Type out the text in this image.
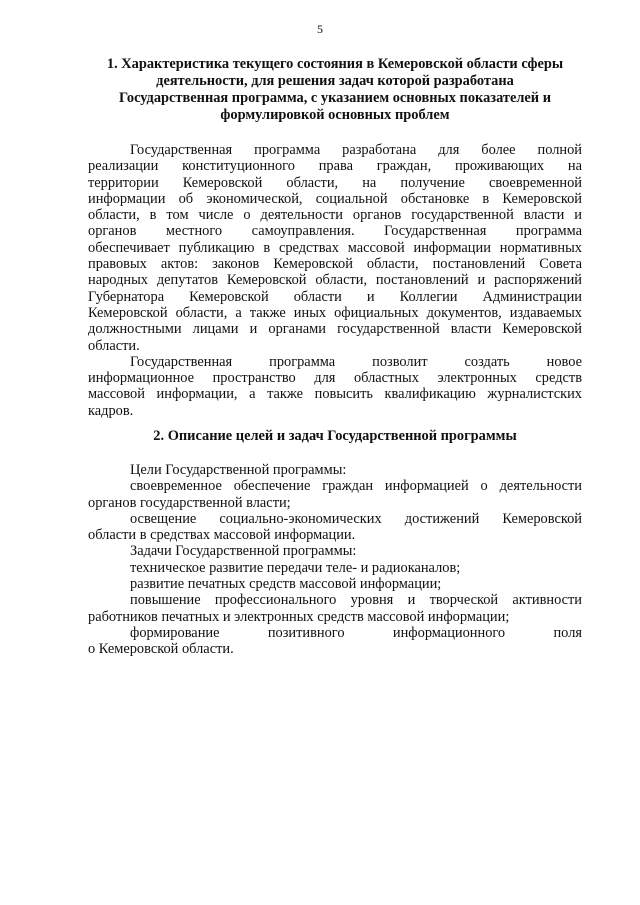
5
1. Характеристика текущего состояния в Кемеровской области сферы
деятельности, для решения задач которой разработана
Государственная программа, с указанием основных показателей и
формулировкой основных проблем
Государственная программа разработана для более полной
реализации конституционного права граждан, проживающих на
территории Кемеровской области, на получение своевременной
информации об экономической, социальной обстановке в Кемеровской
области, в том числе о деятельности органов государственной власти и
органов местного самоуправления. Государственная программа
обеспечивает публикацию в средствах массовой информации нормативных
правовых актов: законов Кемеровской области, постановлений Совета
народных депутатов Кемеровской области, постановлений и распоряжений
Губернатора Кемеровской области и Коллегии Администрации
Кемеровской области, а также иных официальных документов, издаваемых
должностными лицами и органами государственной власти Кемеровской
области.
Государственная программа позволит создать новое
информационное пространство для областных электронных средств
массовой информации, а также повысить квалификацию журналистских
кадров.
2. Описание целей и задач Государственной программы
Цели Государственной программы:
своевременное обеспечение граждан информацией о деятельности
органов государственной власти;
освещение социально-экономических достижений Кемеровской
области в средствах массовой информации.
Задачи Государственной программы:
техническое развитие передачи теле- и радиоканалов;
развитие печатных средств массовой информации;
повышение профессионального уровня и творческой активности
работников печатных и электронных средств массовой информации;
формирование позитивного информационного поля
о Кемеровской области.
